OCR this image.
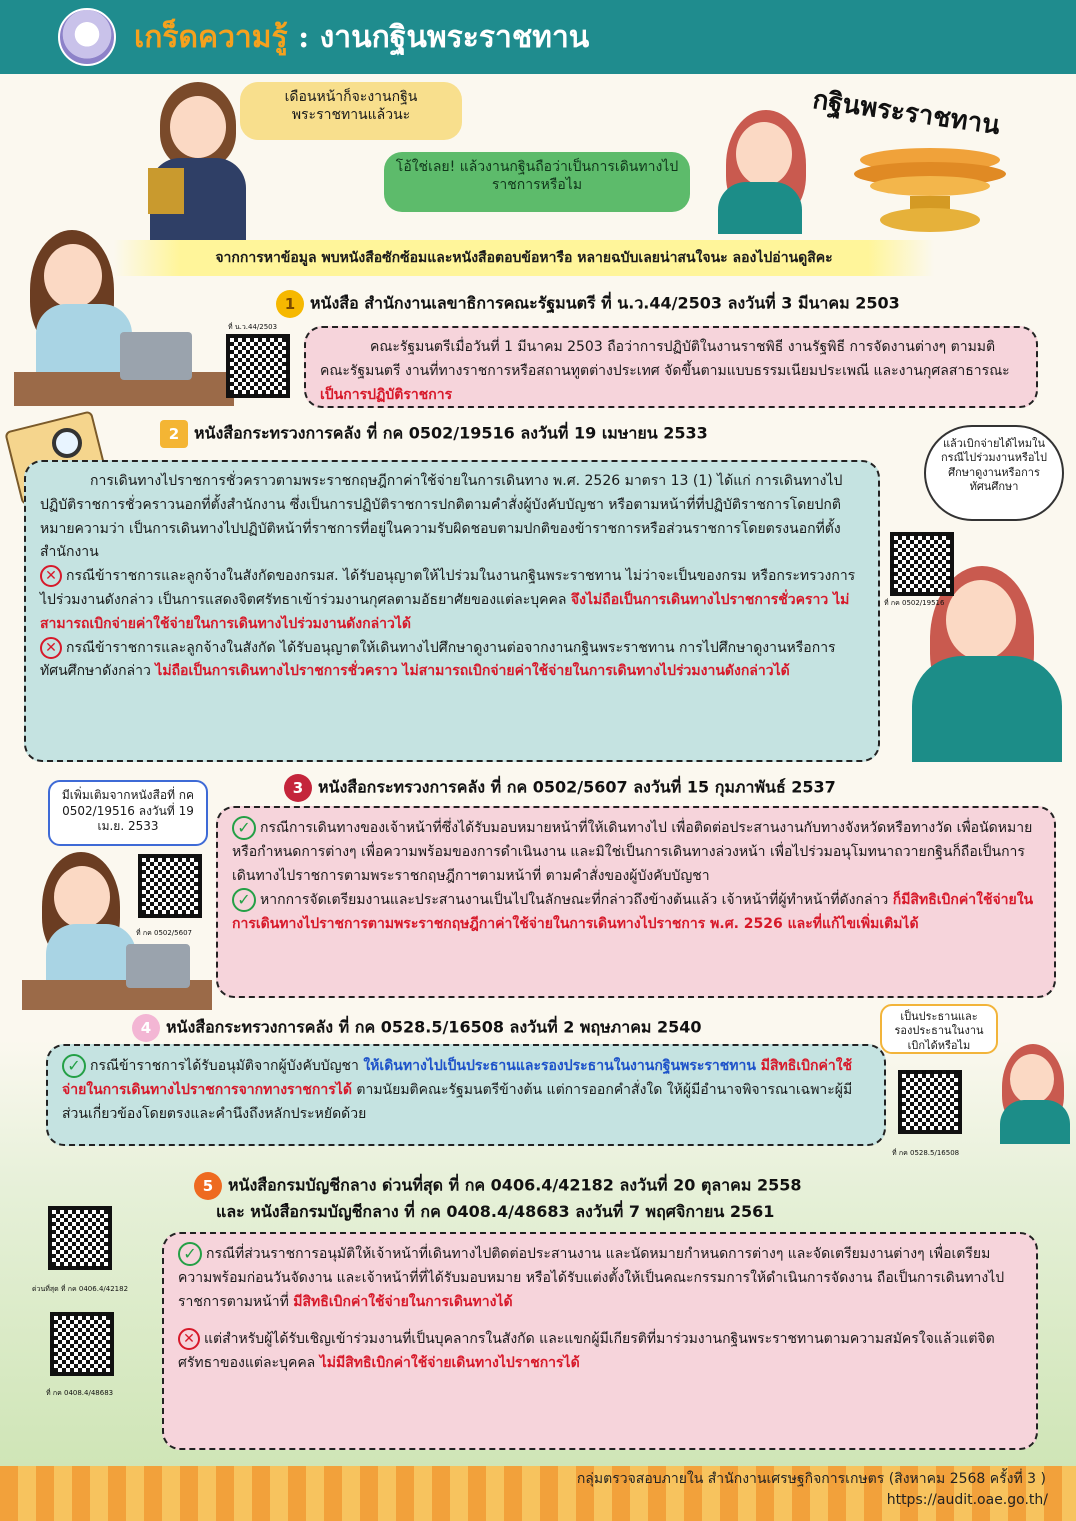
เกร็ดความรู้ : งานกฐินพระราชทาน
เดือนหน้าก็จะงานกฐินพระราชทานแล้วนะ
โอ้ใช่เลย! แล้วงานกฐินถือว่าเป็นการเดินทางไปราชการหรือไม
แล้วเบิกจ่ายได้ไหมในกรณีไปร่วมงานหรือไปศึกษาดูงานหรือการทัศนศึกษา
มีเพิ่มเติมจากหนังสือที่ กค 0502/19516 ลงวันที่ 19 เม.ย. 2533
เป็นประธานและรองประธานในงานเบิกได้หรือไม
กฐินพระราชทาน
จากการหาข้อมูล พบหนังสือซักซ้อมและหนังสือตอบข้อหารือ หลายฉบับเลยน่าสนใจนะ ลองไปอ่านดูสิคะ
1 หนังสือ สำนักงานเลขาธิการคณะรัฐมนตรี ที่ น.ว.44/2503 ลงวันที่ 3 มีนาคม 2503
ที่ น.ว.44/2503
คณะรัฐมนตรีเมื่อวันที่ 1 มีนาคม 2503 ถือว่าการปฏิบัติในงานราชพิธี งานรัฐพิธี การจัดงานต่างๆ ตามมติคณะรัฐมนตรี งานที่ทางราชการหรือสถานทูตต่างประเทศ จัดขึ้นตามแบบธรรมเนียมประเพณี และงานกุศลสาธารณะ เป็นการปฏิบัติราชการ
2 หนังสือกระทรวงการคลัง ที่ กค 0502/19516 ลงวันที่ 19 เมษายน 2533
การเดินทางไปราชการชั่วคราวตามพระราชกฤษฎีกาค่าใช้จ่ายในการเดินทาง พ.ศ. 2526 มาตรา 13 (1) ได้แก่ การเดินทางไปปฏิบัติราชการชั่วคราวนอกที่ตั้งสำนักงาน ซึ่งเป็นการปฏิบัติราชการปกติตามคำสั่งผู้บังคับบัญชา หรือตามหน้าที่ที่ปฏิบัติราชการโดยปกติ หมายความว่า เป็นการเดินทางไปปฏิบัติหน้าที่ราชการที่อยู่ในความรับผิดชอบตามปกติของข้าราชการหรือส่วนราชการโดยตรงนอกที่ตั้งสำนักงาน
✕ กรณีข้าราชการและลูกจ้างในสังกัดของกรมส. ได้รับอนุญาตให้ไปร่วมในงานกฐินพระราชทาน ไม่ว่าจะเป็นของกรม หรือกระทรวงการไปร่วมงานดังกล่าว เป็นการแสดงจิตศรัทธาเข้าร่วมงานกุศลตามอัธยาศัยของแต่ละบุคคล จึงไม่ถือเป็นการเดินทางไปราชการชั่วคราว ไม่สามารถเบิกจ่ายค่าใช้จ่ายในการเดินทางไปร่วมงานดังกล่าวได้
✕ กรณีข้าราชการและลูกจ้างในสังกัด ได้รับอนุญาตให้เดินทางไปศึกษาดูงานต่อจากงานกฐินพระราชทาน การไปศึกษาดูงานหรือการทัศนศึกษาดังกล่าว ไม่ถือเป็นการเดินทางไปราชการชั่วคราว ไม่สามารถเบิกจ่ายค่าใช้จ่ายในการเดินทางไปร่วมงานดังกล่าวได้
ที่ กค 0502/19516
3 หนังสือกระทรวงการคลัง ที่ กค 0502/5607 ลงวันที่ 15 กุมภาพันธ์ 2537
ที่ กค 0502/5607
✓ กรณีการเดินทางของเจ้าหน้าที่ซึ่งได้รับมอบหมายหน้าที่ให้เดินทางไป เพื่อติดต่อประสานงานกับทางจังหวัดหรือทางวัด เพื่อนัดหมายหรือกำหนดการต่างๆ เพื่อความพร้อมของการดำเนินงาน และมิใช่เป็นการเดินทางล่วงหน้า เพื่อไปร่วมอนุโมทนาถวายกฐินก็ถือเป็นการเดินทางไปราชการตามพระราชกฤษฎีกาฯตามหน้าที่ ตามคำสั่งของผู้บังคับบัญชา
✓ หากการจัดเตรียมงานและประสานงานเป็นไปในลักษณะที่กล่าวถึงข้างต้นแล้ว เจ้าหน้าที่ผู้ทำหน้าที่ดังกล่าว ก็มีสิทธิเบิกค่าใช้จ่ายในการเดินทางไปราชการตามพระราชกฤษฎีกาค่าใช้จ่ายในการเดินทางไปราชการ พ.ศ. 2526 และที่แก้ไขเพิ่มเติมได้
4 หนังสือกระทรวงการคลัง ที่ กค 0528.5/16508 ลงวันที่ 2 พฤษภาคม 2540
✓ กรณีข้าราชการได้รับอนุมัติจากผู้บังคับบัญชา ให้เดินทางไปเป็นประธานและรองประธานในงานกฐินพระราชทาน มีสิทธิเบิกค่าใช้จ่ายในการเดินทางไปราชการจากทางราชการได้ ตามนัยมติคณะรัฐมนตรีข้างต้น แต่การออกคำสั่งใด ให้ผู้มีอำนาจพิจารณาเฉพาะผู้มีส่วนเกี่ยวข้องโดยตรงและคำนึงถึงหลักประหยัดด้วย
ที่ กค 0528.5/16508
5 หนังสือกรมบัญชีกลาง ด่วนที่สุด ที่ กค 0406.4/42182 ลงวันที่ 20 ตุลาคม 2558
และ หนังสือกรมบัญชีกลาง ที่ กค 0408.4/48683 ลงวันที่ 7 พฤศจิกายน 2561
ด่วนที่สุด ที่ กค 0406.4/42182
ที่ กค 0408.4/48683
✓ กรณีที่ส่วนราชการอนุมัติให้เจ้าหน้าที่เดินทางไปติดต่อประสานงาน และนัดหมายกำหนดการต่างๆ และจัดเตรียมงานต่างๆ เพื่อเตรียมความพร้อมก่อนวันจัดงาน และเจ้าหน้าที่ที่ได้รับมอบหมาย หรือได้รับแต่งตั้งให้เป็นคณะกรรมการให้ดำเนินการจัดงาน ถือเป็นการเดินทางไปราชการตามหน้าที่ มีสิทธิเบิกค่าใช้จ่ายในการเดินทางได้
✕ แต่สำหรับผู้ได้รับเชิญเข้าร่วมงานที่เป็นบุคลากรในสังกัด และแขกผู้มีเกียรติที่มาร่วมงานกฐินพระราชทานตามความสมัครใจแล้วแต่จิตศรัทธาของแต่ละบุคคล ไม่มีสิทธิเบิกค่าใช้จ่ายเดินทางไปราชการได้
กลุ่มตรวจสอบภายใน สำนักงานเศรษฐกิจการเกษตร (สิงหาคม 2568 ครั้งที่ 3 )
https://audit.oae.go.th/
